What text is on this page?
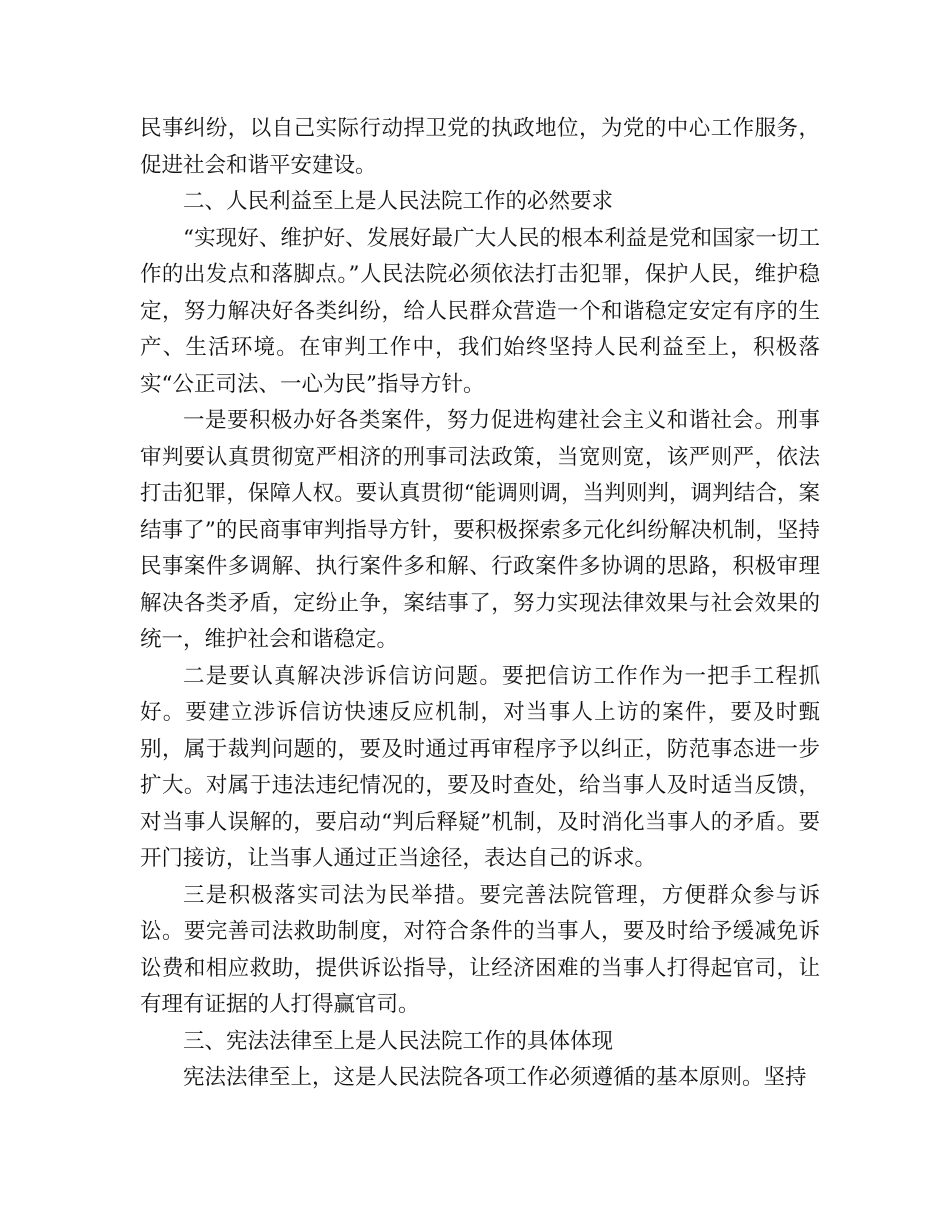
民事纠纷，以自己实际行动捍卫党的执政地位，为党的中心工作服务，促进社会和谐平安建设。

二、人民利益至上是人民法院工作的必然要求

“实现好、维护好、发展好最广大人民的根本利益是党和国家一切工作的出发点和落脚点。”人民法院必须依法打击犯罪，保护人民，维护稳定，努力解决好各类纠纷，给人民群众营造一个和谐稳定安定有序的生产、生活环境。在审判工作中，我们始终坚持人民利益至上，积极落实“公正司法、一心为民”指导方针。

一是要积极办好各类案件，努力促进构建社会主义和谐社会。刑事审判要认真贯彻宽严相济的刑事司法政策，当宽则宽，该严则严，依法打击犯罪，保障人权。要认真贯彻“能调则调，当判则判，调判结合，案结事了”的民商事审判指导方针，要积极探索多元化纠纷解决机制，坚持民事案件多调解、执行案件多和解、行政案件多协调的思路，积极审理解决各类矛盾，定纷止争，案结事了，努力实现法律效果与社会效果的统一，维护社会和谐稳定。

二是要认真解决涉诉信访问题。要把信访工作作为一把手工程抓好。要建立涉诉信访快速反应机制，对当事人上访的案件，要及时甄别，属于裁判问题的，要及时通过再审程序予以纠正，防范事态进一步扩大。对属于违法违纪情况的，要及时查处，给当事人及时适当反馈，对当事人误解的，要启动“判后释疑”机制，及时消化当事人的矛盾。要开门接访，让当事人通过正当途径，表达自己的诉求。

三是积极落实司法为民举措。要完善法院管理，方便群众参与诉讼。要完善司法救助制度，对符合条件的当事人，要及时给予缓减免诉讼费和相应救助，提供诉讼指导，让经济困难的当事人打得起官司，让有理有证据的人打得赢官司。

三、宪法法律至上是人民法院工作的具体体现

宪法法律至上，这是人民法院各项工作必须遵循的基本原则。坚持
